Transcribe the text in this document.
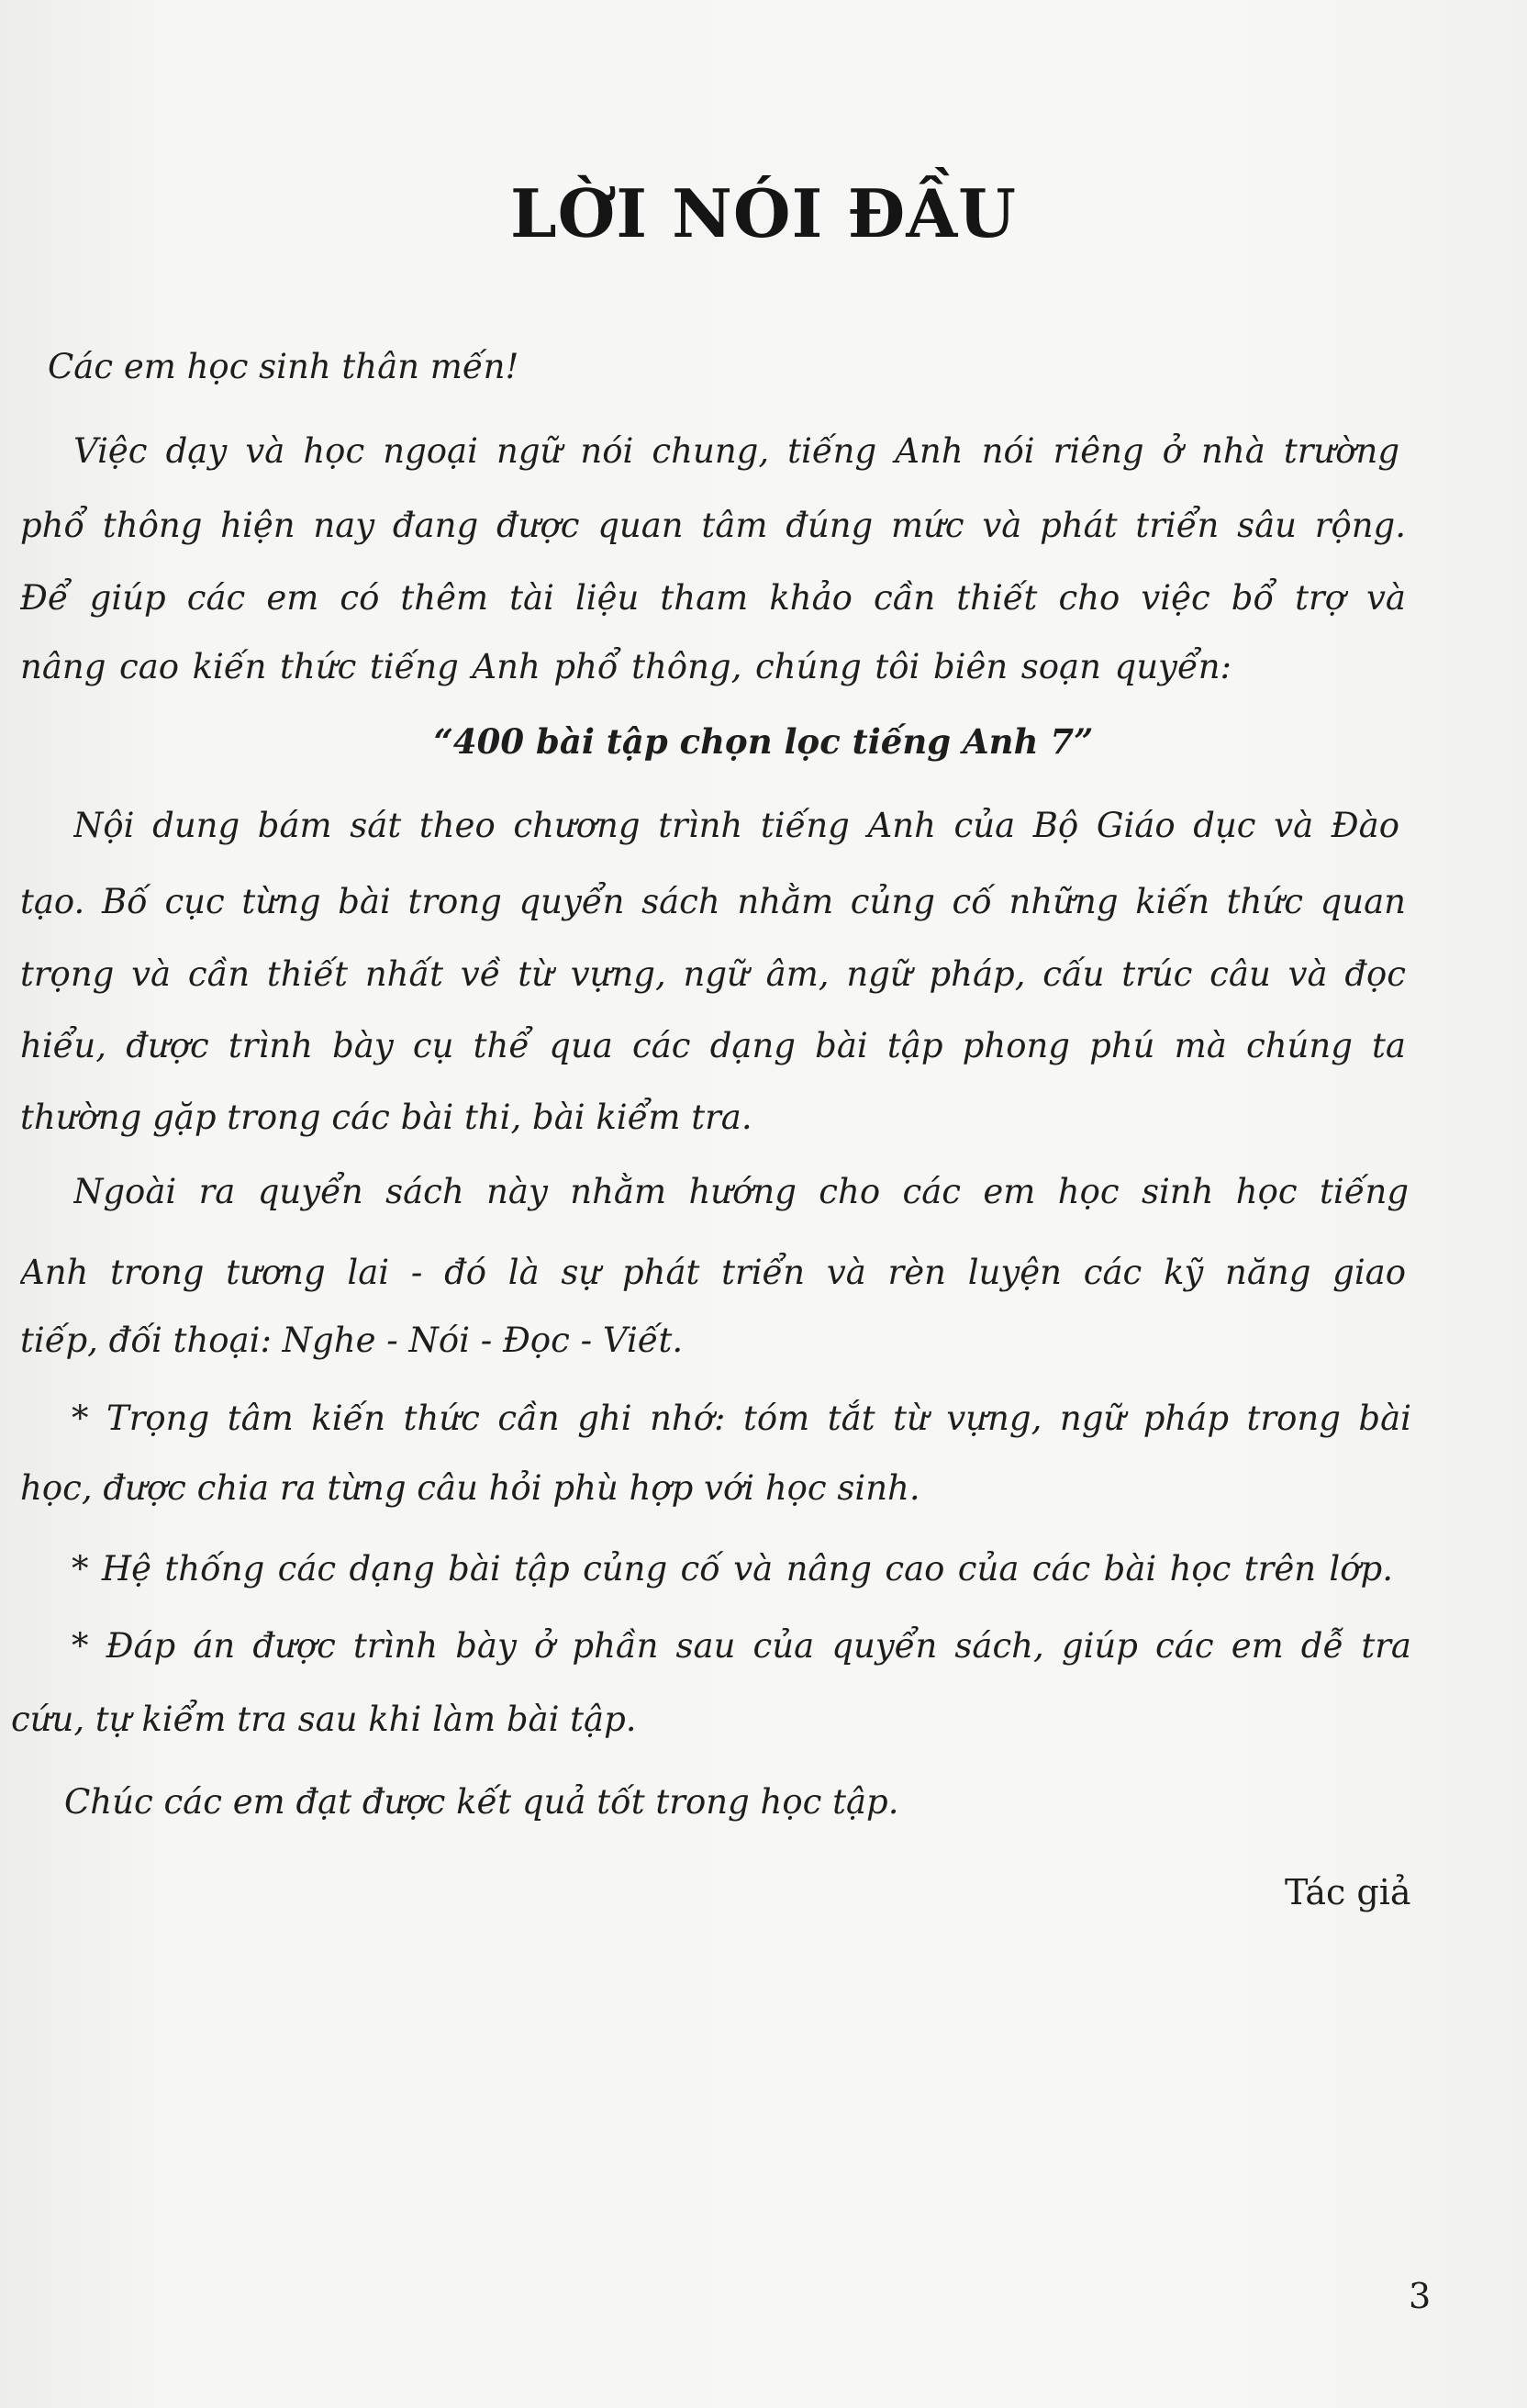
LỜI NÓI ĐẦU
Các em học sinh thân mến!
Việc dạy và học ngoại ngữ nói chung, tiếng Anh nói riêng ở nhà trường
phổ thông hiện nay đang được quan tâm đúng mức và phát triển sâu rộng.
Để giúp các em có thêm tài liệu tham khảo cần thiết cho việc bổ trợ và
nâng cao kiến thức tiếng Anh phổ thông, chúng tôi biên soạn quyển:
“400 bài tập chọn lọc tiếng Anh 7”
Nội dung bám sát theo chương trình tiếng Anh của Bộ Giáo dục và Đào
tạo. Bố cục từng bài trong quyển sách nhằm củng cố những kiến thức quan
trọng và cần thiết nhất về từ vựng, ngữ âm, ngữ pháp, cấu trúc câu và đọc
hiểu, được trình bày cụ thể qua các dạng bài tập phong phú mà chúng ta
thường gặp trong các bài thi, bài kiểm tra.
Ngoài ra quyển sách này nhằm hướng cho các em học sinh học tiếng
Anh trong tương lai - đó là sự phát triển và rèn luyện các kỹ năng giao
tiếp, đối thoại: Nghe - Nói - Đọc - Viết.
* Trọng tâm kiến thức cần ghi nhớ: tóm tắt từ vựng, ngữ pháp trong bài
học, được chia ra từng câu hỏi phù hợp với học sinh.
* Hệ thống các dạng bài tập củng cố và nâng cao của các bài học trên lớp.
* Đáp án được trình bày ở phần sau của quyển sách, giúp các em dễ tra
cứu, tự kiểm tra sau khi làm bài tập.
Chúc các em đạt được kết quả tốt trong học tập.
Tác giả
3
